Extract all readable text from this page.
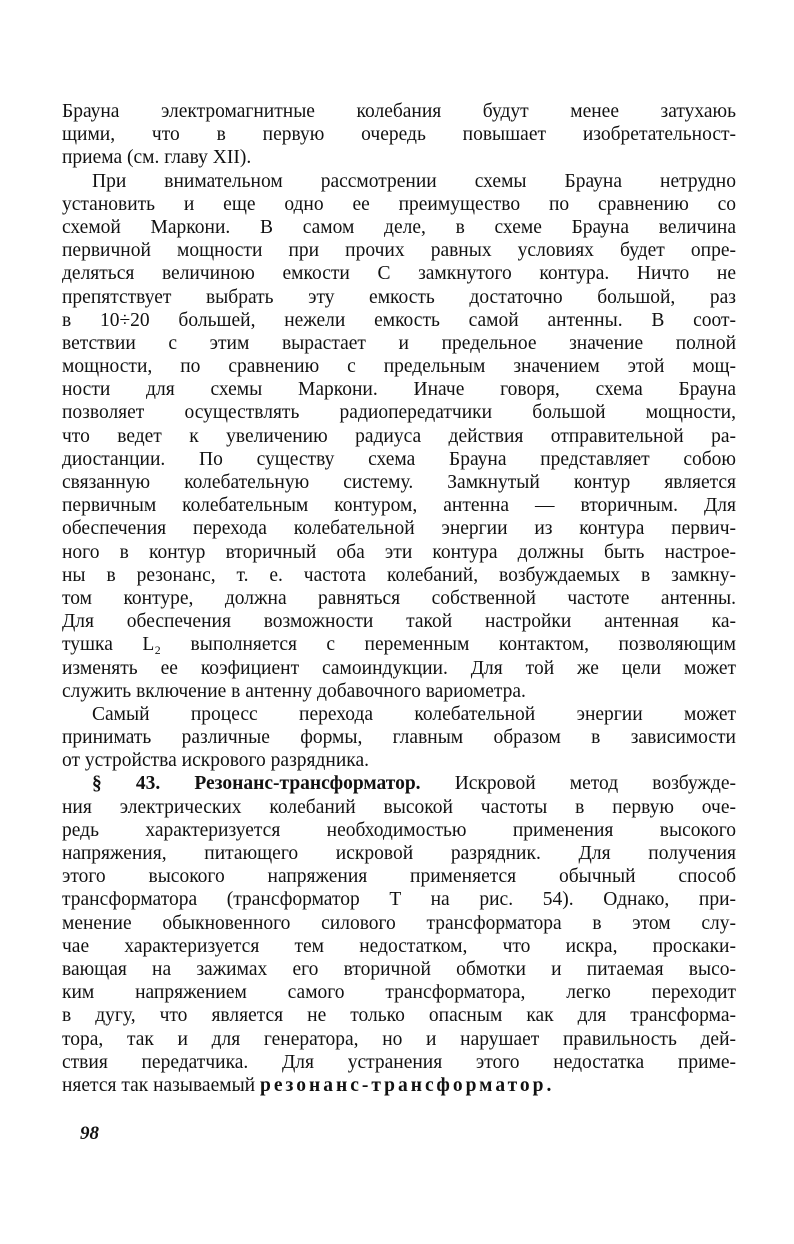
Брауна электромагнитные колебания будут менее затухаюь
щими, что в первую очередь повышает изобретательност-
приема (см. главу XII).

При внимательном рассмотрении схемы Брауна нетрудно
установить и еще одно ее преимущество по сравнению со
схемой Маркони. В самом деле, в схеме Брауна величина
первичной мощности при прочих равных условиях будет опре-
деляться величиною емкости C замкнутого контура. Ничто не
препятствует выбрать эту емкость достаточно большой, раз
в 10÷20 большей, нежели емкость самой антенны. В соот-
ветствии с этим вырастает и предельное значение полной
мощности, по сравнению с предельным значением этой мощ-
ности для схемы Маркони. Иначе говоря, схема Брауна
позволяет осуществлять радиопередатчики большой мощности,
что ведет к увеличению радиуса действия отправительной ра-
диостанции. По существу схема Брауна представляет собою
связанную колебательную систему. Замкнутый контур является
первичным колебательным контуром, антенна — вторичным. Для
обеспечения перехода колебательной энергии из контура первич-
ного в контур вторичный оба эти контура должны быть настрое-
ны в резонанс, т. е. частота колебаний, возбуждаемых в замкну-
том контуре, должна равняться собственной частоте антенны.
Для обеспечения возможности такой настройки антенная ка-
тушка L₂ выполняется с переменным контактом, позволяющим
изменять ее коэфициент самоиндукции. Для той же цели может
служить включение в антенну добавочного вариометра.

Самый процесс перехода колебательной энергии может
принимать различные формы, главным образом в зависимости
от устройства искрового разрядника.

§ 43. Резонанс-трансформатор. Искровой метод возбужде-
ния электрических колебаний высокой частоты в первую оче-
редь характеризуется необходимостью применения высокого
напряжения, питающего искровой разрядник. Для получения
этого высокого напряжения применяется обычный способ
трансформатора (трансформатор T на рис. 54). Однако, при-
менение обыкновенного силового трансформатора в этом слу-
чае характеризуется тем недостатком, что искра, проскаки-
вающая на зажимах его вторичной обмотки и питаемая высо-
ким напряжением самого трансформатора, легко переходит
в дугу, что является не только опасным как для трансформа-
тора, так и для генератора, но и нарушает правильность дей-
ствия передатчика. Для устранения этого недостатка приме-
няется так называемый резонанс-трансформатор.

98
